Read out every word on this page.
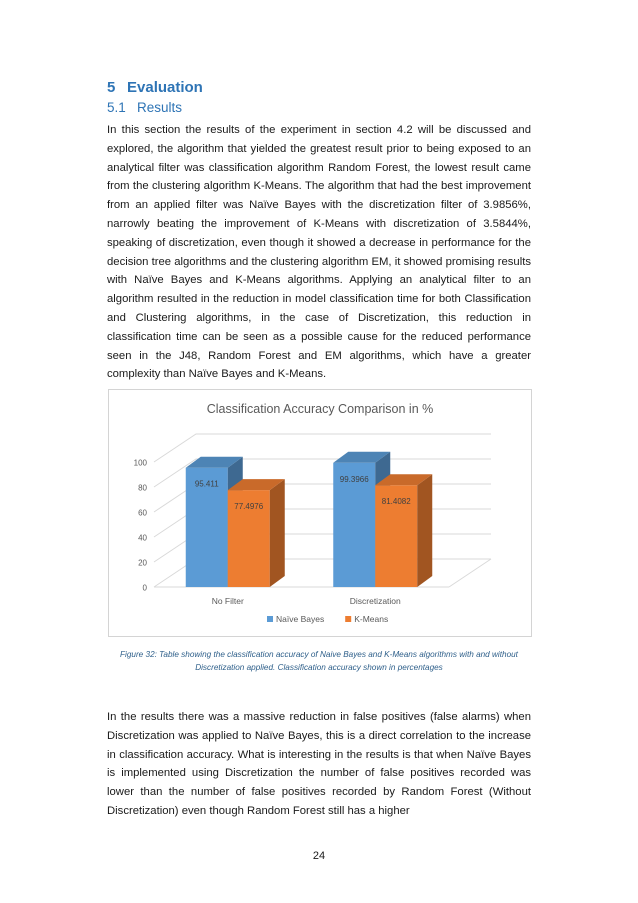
5 Evaluation
5.1 Results

In this section the results of the experiment in section 4.2 will be discussed and explored, the algorithm that yielded the greatest result prior to being exposed to an analytical filter was classification algorithm Random Forest, the lowest result came from the clustering algorithm K-Means. The algorithm that had the best improvement from an applied filter was Naïve Bayes with the discretization filter of 3.9856%, narrowly beating the improvement of K-Means with discretization of 3.5844%, speaking of discretization, even though it showed a decrease in performance for the decision tree algorithms and the clustering algorithm EM, it showed promising results with Naïve Bayes and K-Means algorithms. Applying an analytical filter to an algorithm resulted in the reduction in model classification time for both Classification and Clustering algorithms, in the case of Discretization, this reduction in classification time can be seen as a possible cause for the reduced performance seen in the J48, Random Forest and EM algorithms, which have a greater complexity than Naïve Bayes and K-Means.

Classification Accuracy Comparison in %
0
20
40
60
80
100
95.411
77.4976
No Filter
99.3966
81.4082
Discretization
Naïve Bayes	K-Means

Figure 32: Table showing the classification accuracy of Naive Bayes and K-Means algorithms with and without Discretization applied. Classification accuracy shown in percentages

In the results there was a massive reduction in false positives (false alarms) when Discretization was applied to Naïve Bayes, this is a direct correlation to the increase in classification accuracy. What is interesting in the results is that when Naïve Bayes is implemented using Discretization the number of false positives recorded was lower than the number of false positives recorded by Random Forest (Without Discretization) even though Random Forest still has a higher

24
